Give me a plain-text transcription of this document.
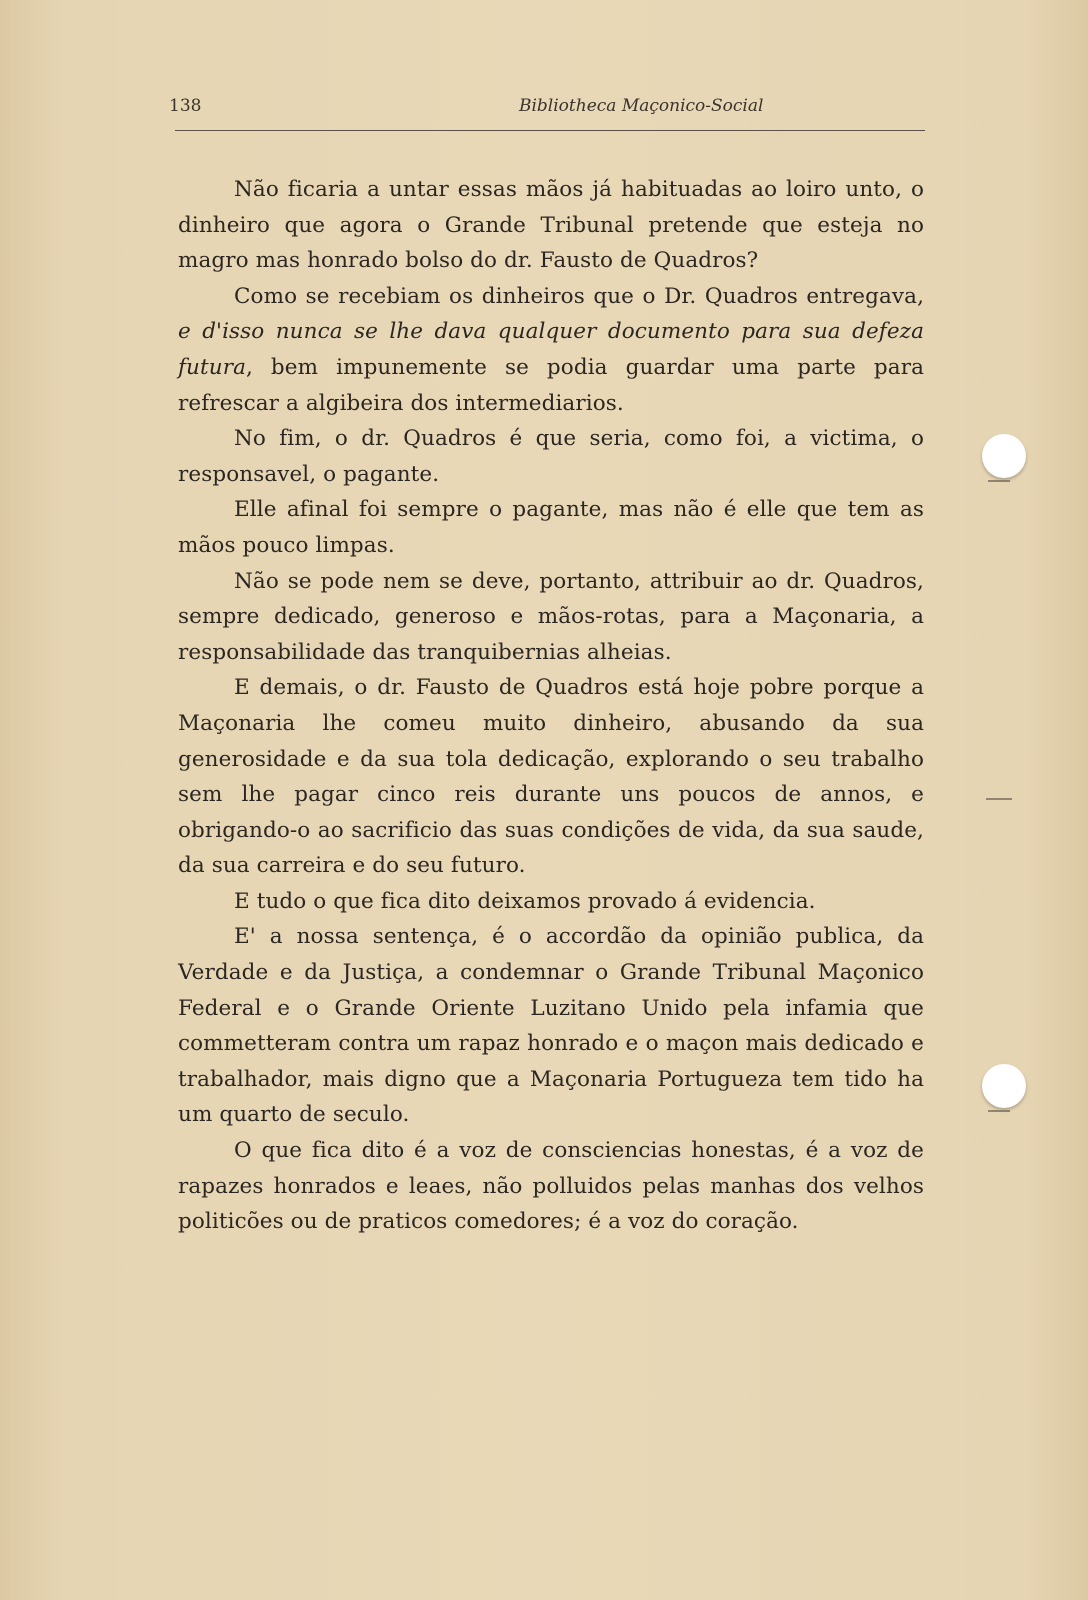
138	Bibliotheca Maçonico-Social

Não ficaria a untar essas mãos já habituadas ao loiro unto, o dinheiro que agora o Grande Tribunal pretende que esteja no magro mas honrado bolso do dr. Fausto de Quadros?

Como se recebiam os dinheiros que o Dr. Quadros entregava, e d'isso nunca se lhe dava qualquer documento para sua defeza futura, bem impunemente se podia guardar uma parte para refrescar a algibeira dos intermediarios.

No fim, o dr. Quadros é que seria, como foi, a victima, o responsavel, o pagante.

Elle afinal foi sempre o pagante, mas não é elle que tem as mãos pouco limpas.

Não se pode nem se deve, portanto, attribuir ao dr. Quadros, sempre dedicado, generoso e mãos-rotas, para a Maçonaria, a responsabilidade das tranquibernias alheias.

E demais, o dr. Fausto de Quadros está hoje pobre porque a Maçonaria lhe comeu muito dinheiro, abusando da sua generosidade e da sua tola dedicação, explorando o seu trabalho sem lhe pagar cinco reis durante uns poucos de annos, e obrigando-o ao sacrificio das suas condições de vida, da sua saude, da sua carreira e do seu futuro.

E tudo o que fica dito deixamos provado á evidencia.

E' a nossa sentença, é o accordão da opinião publica, da Verdade e da Justiça, a condemnar o Grande Tribunal Maçonico Federal e o Grande Oriente Luzitano Unido pela infamia que commetteram contra um rapaz honrado e o maçon mais dedicado e trabalhador, mais digno que a Maçonaria Portugueza tem tido ha um quarto de seculo.

O que fica dito é a voz de consciencias honestas, é a voz de rapazes honrados e leaes, não polluidos pelas manhas dos velhos politicões ou de praticos comedores; é a voz do coração.
